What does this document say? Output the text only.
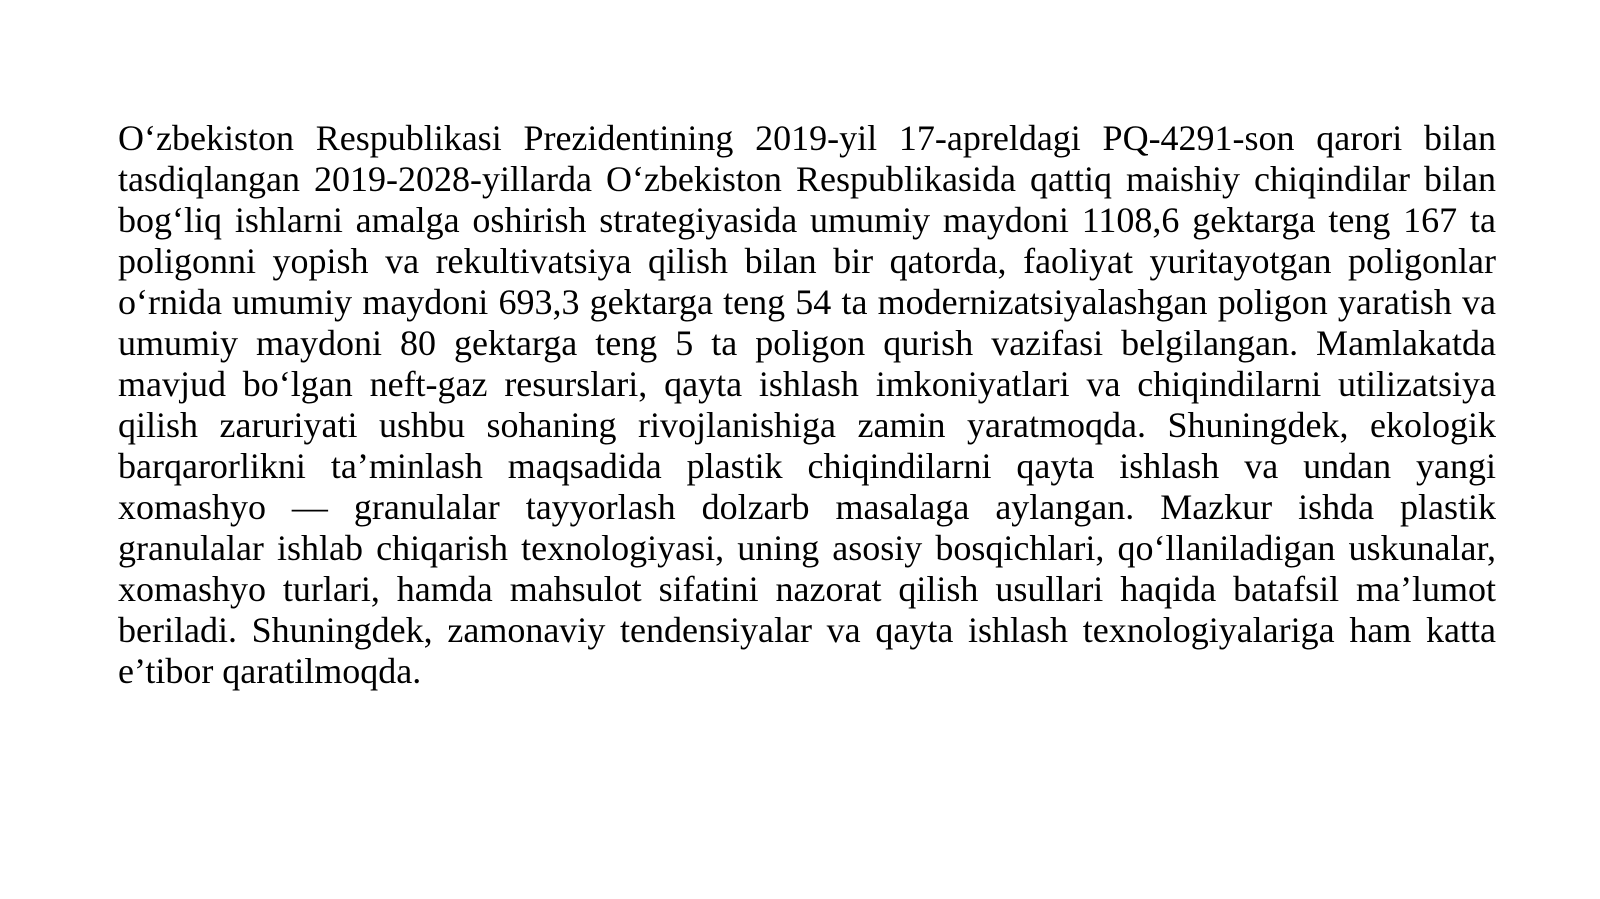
O‘zbekiston Respublikasi Prezidentining 2019-yil 17-apreldagi PQ-4291-son qarori bilan tasdiqlangan 2019-2028-yillarda O‘zbekiston Respublikasida qattiq maishiy chiqindilar bilan bog‘liq ishlarni amalga oshirish strategiyasida umumiy maydoni 1108,6 gektarga teng 167 ta poligonni yopish va rekultivatsiya qilish bilan bir qatorda, faoliyat yuritayotgan poligonlar o‘rnida umumiy maydoni 693,3 gektarga teng 54 ta modernizatsiyalashgan poligon yaratish va umumiy maydoni 80 gektarga teng 5 ta poligon qurish vazifasi belgilangan. Mamlakatda mavjud bo‘lgan neft-gaz resurslari, qayta ishlash imkoniyatlari va chiqindilarni utilizatsiya qilish zaruriyati ushbu sohaning rivojlanishiga zamin yaratmoqda. Shuningdek, ekologik barqarorlikni ta’minlash maqsadida plastik chiqindilarni qayta ishlash va undan yangi xomashyo — granulalar tayyorlash dolzarb masalaga aylangan. Mazkur ishda plastik granulalar ishlab chiqarish texnologiyasi, uning asosiy bosqichlari, qo‘llaniladigan uskunalar, xomashyo turlari, hamda mahsulot sifatini nazorat qilish usullari haqida batafsil ma’lumot beriladi. Shuningdek, zamonaviy tendensiyalar va qayta ishlash texnologiyalariga ham katta e’tibor qaratilmoqda.
